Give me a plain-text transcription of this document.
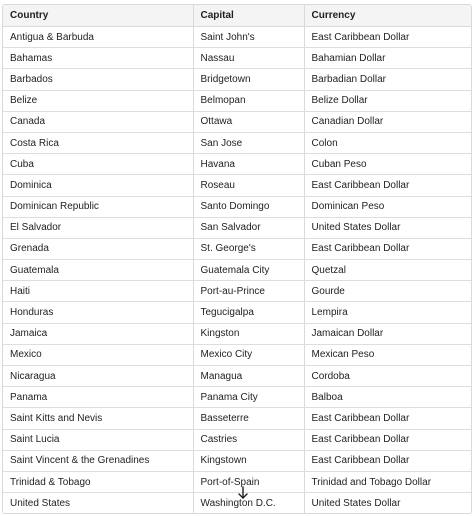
Country	Capital	Currency
Antigua & Barbuda	Saint John's	East Caribbean Dollar
Bahamas	Nassau	Bahamian Dollar
Barbados	Bridgetown	Barbadian Dollar
Belize	Belmopan	Belize Dollar
Canada	Ottawa	Canadian Dollar
Costa Rica	San Jose	Colon
Cuba	Havana	Cuban Peso
Dominica	Roseau	East Caribbean Dollar
Dominican Republic	Santo Domingo	Dominican Peso
El Salvador	San Salvador	United States Dollar
Grenada	St. George's	East Caribbean Dollar
Guatemala	Guatemala City	Quetzal
Haiti	Port-au-Prince	Gourde
Honduras	Tegucigalpa	Lempira
Jamaica	Kingston	Jamaican Dollar
Mexico	Mexico City	Mexican Peso
Nicaragua	Managua	Cordoba
Panama	Panama City	Balboa
Saint Kitts and Nevis	Basseterre	East Caribbean Dollar
Saint Lucia	Castries	East Caribbean Dollar
Saint Vincent & the Grenadines	Kingstown	East Caribbean Dollar
Trinidad & Tobago	Port-of-Spain	Trinidad and Tobago Dollar
United States	Washington D.C.	United States Dollar
